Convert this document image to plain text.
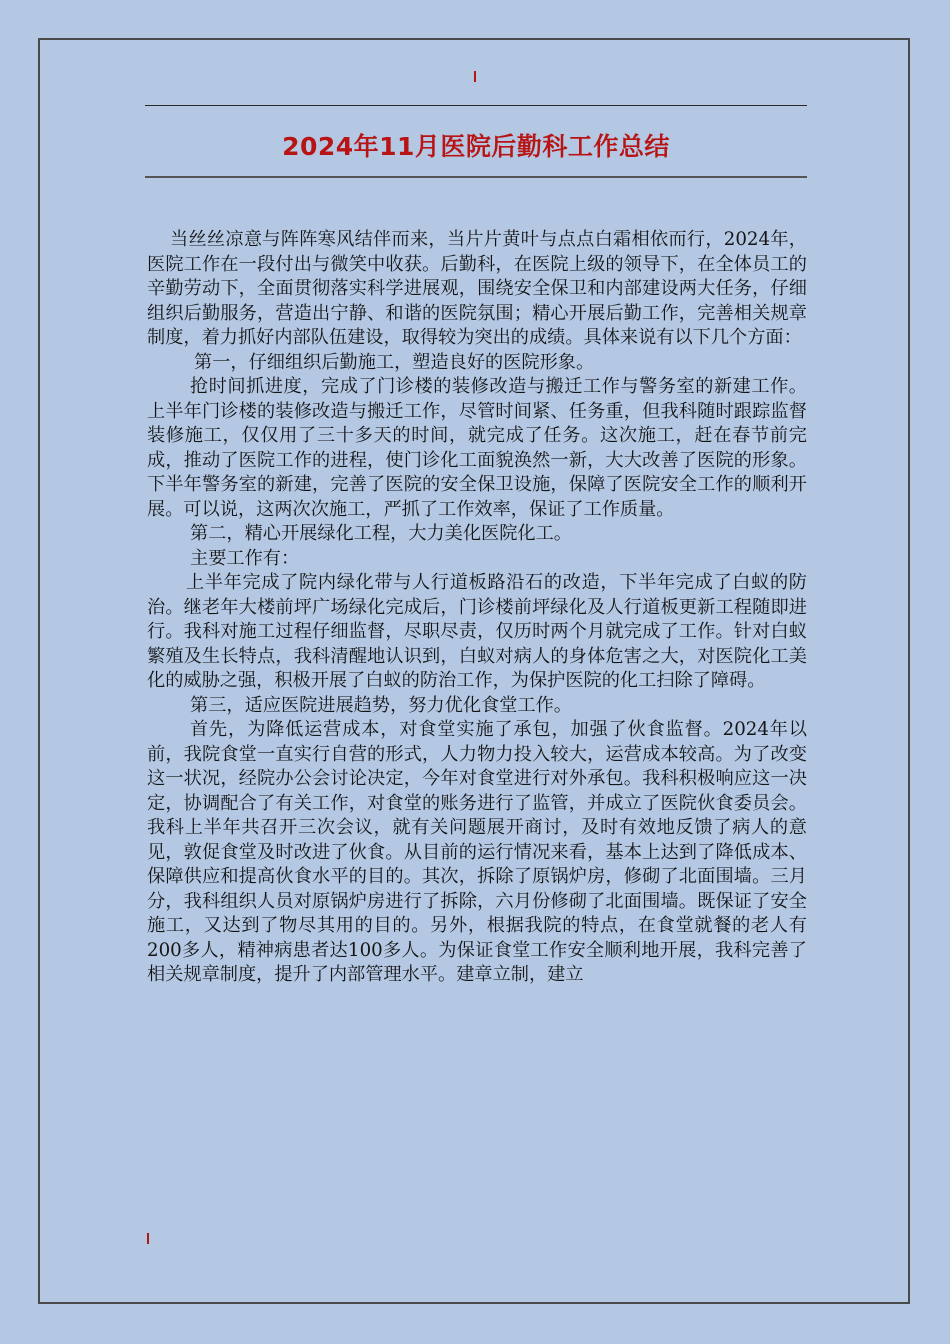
2024年11月医院后勤科工作总结

当丝丝凉意与阵阵寒风结伴而来，当片片黄叶与点点白霜相依而行，2024年，医院工作在一段付出与微笑中收获。后勤科，在医院上级的领导下，在全体员工的辛勤劳动下，全面贯彻落实科学进展观，围绕安全保卫和内部建设两大任务，仔细组织后勤服务，营造出宁静、和谐的医院氛围；精心开展后勤工作，完善相关规章制度，着力抓好内部队伍建设，取得较为突出的成绩。具体来说有以下几个方面：

第一，仔细组织后勤施工，塑造良好的医院形象。

抢时间抓进度，完成了门诊楼的装修改造与搬迁工作与警务室的新建工作。上半年门诊楼的装修改造与搬迁工作，尽管时间紧、任务重，但我科随时跟踪监督装修施工，仅仅用了三十多天的时间，就完成了任务。这次施工，赶在春节前完成，推动了医院工作的进程，使门诊化工面貌涣然一新，大大改善了医院的形象。下半年警务室的新建，完善了医院的安全保卫设施，保障了医院安全工作的顺利开展。可以说，这两次次施工，严抓了工作效率，保证了工作质量。

第二，精心开展绿化工程，大力美化医院化工。

主要工作有：

上半年完成了院内绿化带与人行道板路沿石的改造，下半年完成了白蚁的防治。继老年大楼前坪广场绿化完成后，门诊楼前坪绿化及人行道板更新工程随即进行。我科对施工过程仔细监督，尽职尽责，仅历时两个月就完成了工作。针对白蚁繁殖及生长特点，我科清醒地认识到，白蚁对病人的身体危害之大，对医院化工美化的威胁之强，积极开展了白蚁的防治工作，为保护医院的化工扫除了障碍。

第三，适应医院进展趋势，努力优化食堂工作。

首先，为降低运营成本，对食堂实施了承包，加强了伙食监督。2024年以前，我院食堂一直实行自营的形式，人力物力投入较大，运营成本较高。为了改变这一状况，经院办公会讨论决定，今年对食堂进行对外承包。我科积极响应这一决定，协调配合了有关工作，对食堂的账务进行了监管，并成立了医院伙食委员会。我科上半年共召开三次会议，就有关问题展开商讨，及时有效地反馈了病人的意见，敦促食堂及时改进了伙食。从目前的运行情况来看，基本上达到了降低成本、保障供应和提高伙食水平的目的。其次，拆除了原锅炉房，修砌了北面围墙。三月分，我科组织人员对原锅炉房进行了拆除，六月份修砌了北面围墙。既保证了安全施工，又达到了物尽其用的目的。另外，根据我院的特点，在食堂就餐的老人有200多人，精神病患者达100多人。为保证食堂工作安全顺利地开展，我科完善了相关规章制度，提升了内部管理水平。建章立制，建立
